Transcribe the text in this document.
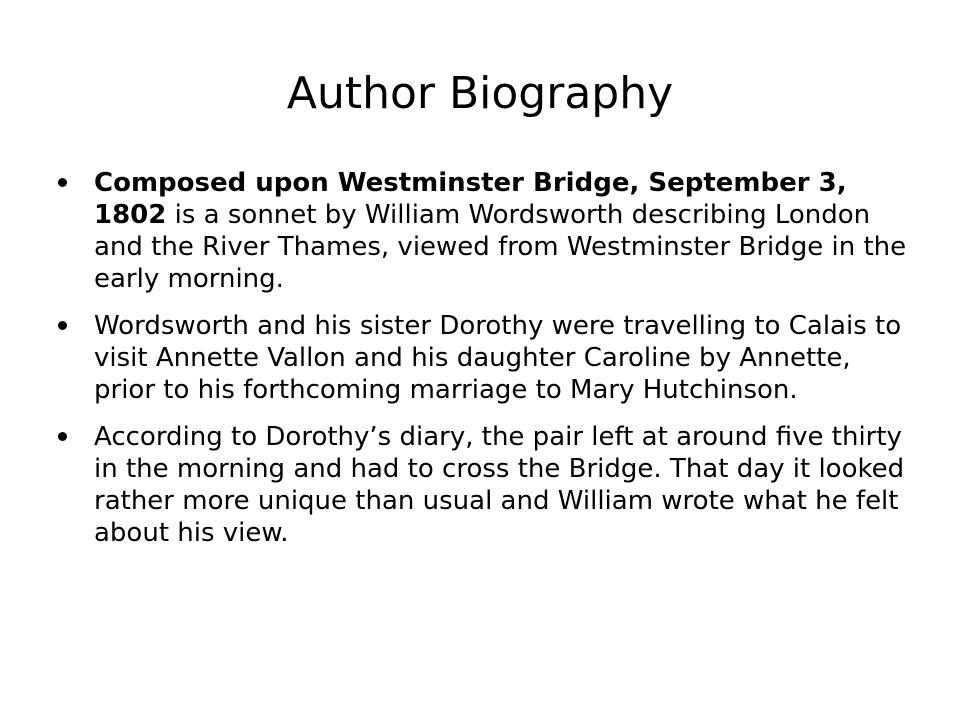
Author Biography
Composed upon Westminster Bridge, September 3, 1802 is a sonnet by William Wordsworth describing London and the River Thames, viewed from Westminster Bridge in the early morning.
Wordsworth and his sister Dorothy were travelling to Calais to visit Annette Vallon and his daughter Caroline by Annette, prior to his forthcoming marriage to Mary Hutchinson.
According to Dorothy’s diary, the pair left at around five thirty in the morning and had to cross the Bridge. That day it looked rather more unique than usual and William wrote what he felt about his view.
